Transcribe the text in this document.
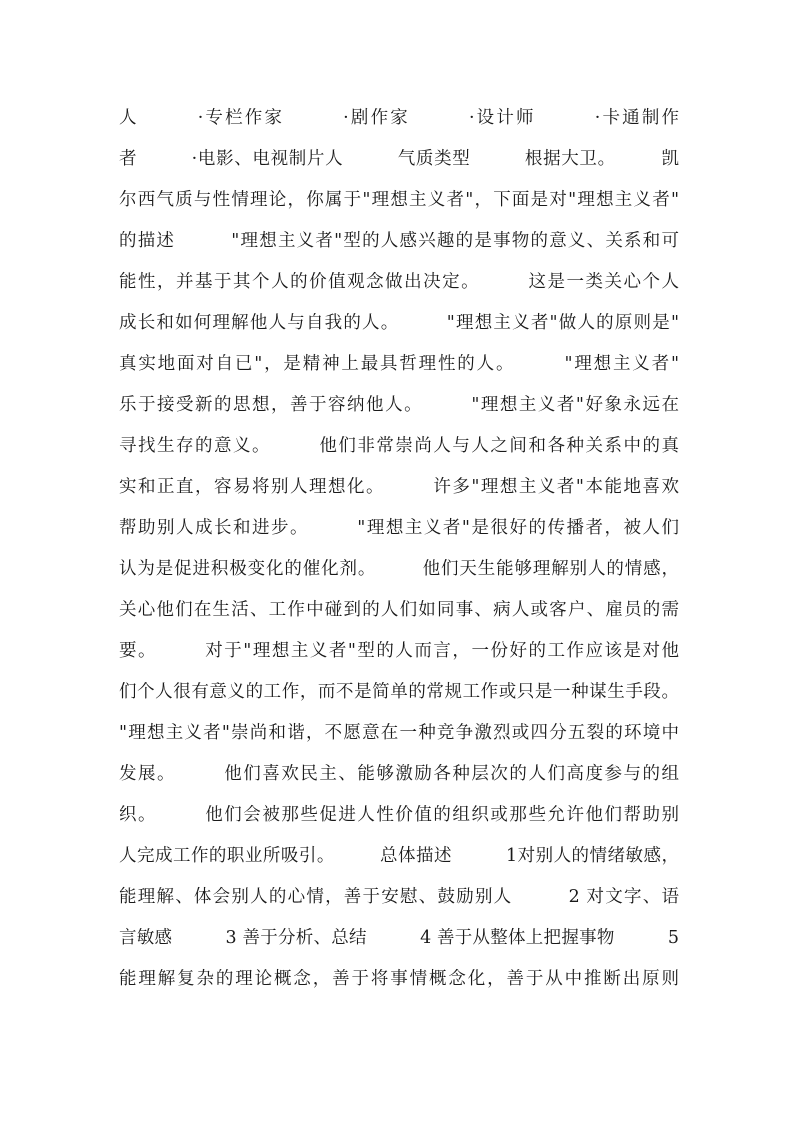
人　　　·专栏作家　　　·剧作家　　　·设计师　　　·卡通制作
者　　　·电影、电视制片人　　　气质类型　　　根据大卫。　　　凯
尔西气质与性情理论，你属于"理想主义者"，下面是对"理想主义者"
的描述　　　"理想主义者"型的人感兴趣的是事物的意义、关系和可
能性，并基于其个人的价值观念做出决定。　　　这是一类关心个人
成长和如何理解他人与自我的人。　　　"理想主义者"做人的原则是"
真实地面对自已"，是精神上最具哲理性的人。　　　"理想主义者"
乐于接受新的思想，善于容纳他人。　　　"理想主义者"好象永远在
寻找生存的意义。　　　他们非常崇尚人与人之间和各种关系中的真
实和正直，容易将别人理想化。　　　许多"理想主义者"本能地喜欢
帮助别人成长和进步。　　　"理想主义者"是很好的传播者，被人们
认为是促进积极变化的催化剂。　　　他们天生能够理解别人的情感，
关心他们在生活、工作中碰到的人们如同事、病人或客户、雇员的需
要。　　　对于"理想主义者"型的人而言，一份好的工作应该是对他
们个人很有意义的工作，而不是简单的常规工作或只是一种谋生手段。
"理想主义者"崇尚和谐，不愿意在一种竞争激烈或四分五裂的环境中
发展。　　　他们喜欢民主、能够激励各种层次的人们高度参与的组
织。　　　他们会被那些促进人性价值的组织或那些允许他们帮助别
人完成工作的职业所吸引。　　　总体描述　　　1对别人的情绪敏感，
能理解、体会别人的心情，善于安慰、鼓励别人　　　2 对文字、语
言敏感　　　3 善于分析、总结　　　4 善于从整体上把握事物　　　5
能理解复杂的理论概念，善于将事情概念化，善于从中推断出原则
